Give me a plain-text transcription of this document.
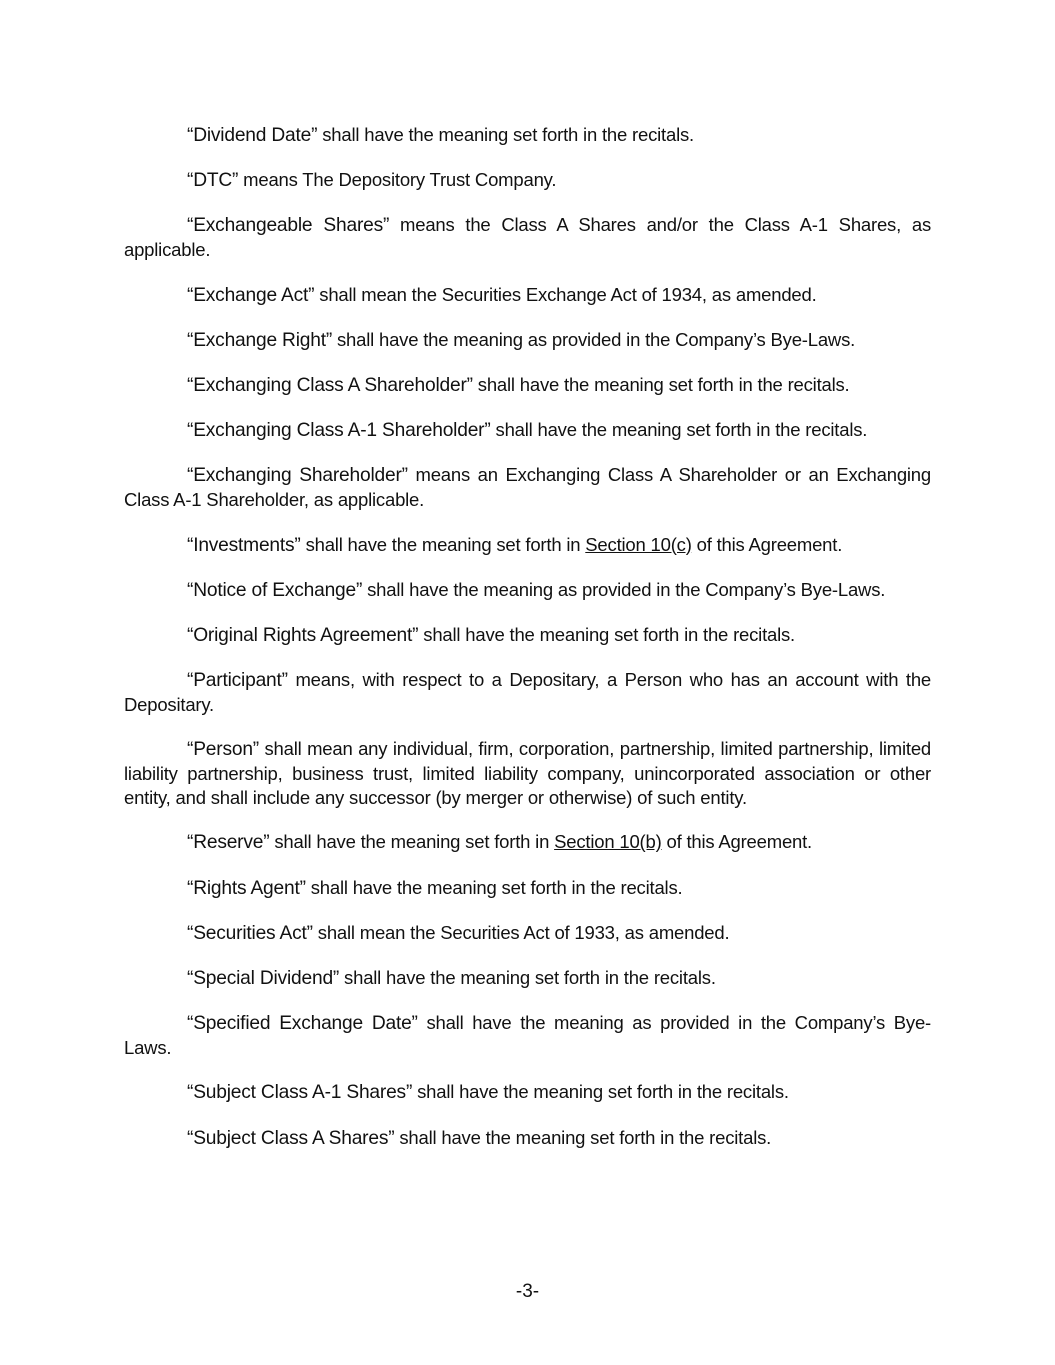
“Dividend Date” shall have the meaning set forth in the recitals.

“DTC” means The Depository Trust Company.

“Exchangeable Shares” means the Class A Shares and/or the Class A-1 Shares, as applicable.

“Exchange Act” shall mean the Securities Exchange Act of 1934, as amended.

“Exchange Right” shall have the meaning as provided in the Company’s Bye-Laws.

“Exchanging Class A Shareholder” shall have the meaning set forth in the recitals.

“Exchanging Class A-1 Shareholder” shall have the meaning set forth in the recitals.

“Exchanging Shareholder” means an Exchanging Class A Shareholder or an Exchanging Class A-1 Shareholder, as applicable.

“Investments” shall have the meaning set forth in Section 10(c) of this Agreement.

“Notice of Exchange” shall have the meaning as provided in the Company’s Bye-Laws.

“Original Rights Agreement” shall have the meaning set forth in the recitals.

“Participant” means, with respect to a Depositary, a Person who has an account with the Depositary.

“Person” shall mean any individual, firm, corporation, partnership, limited partnership, limited liability partnership, business trust, limited liability company, unincorporated association or other entity, and shall include any successor (by merger or otherwise) of such entity.

“Reserve” shall have the meaning set forth in Section 10(b) of this Agreement.

“Rights Agent” shall have the meaning set forth in the recitals.

“Securities Act” shall mean the Securities Act of 1933, as amended.

“Special Dividend” shall have the meaning set forth in the recitals.

“Specified Exchange Date” shall have the meaning as provided in the Company’s Bye-Laws.

“Subject Class A-1 Shares” shall have the meaning set forth in the recitals.

“Subject Class A Shares” shall have the meaning set forth in the recitals.

-3-
